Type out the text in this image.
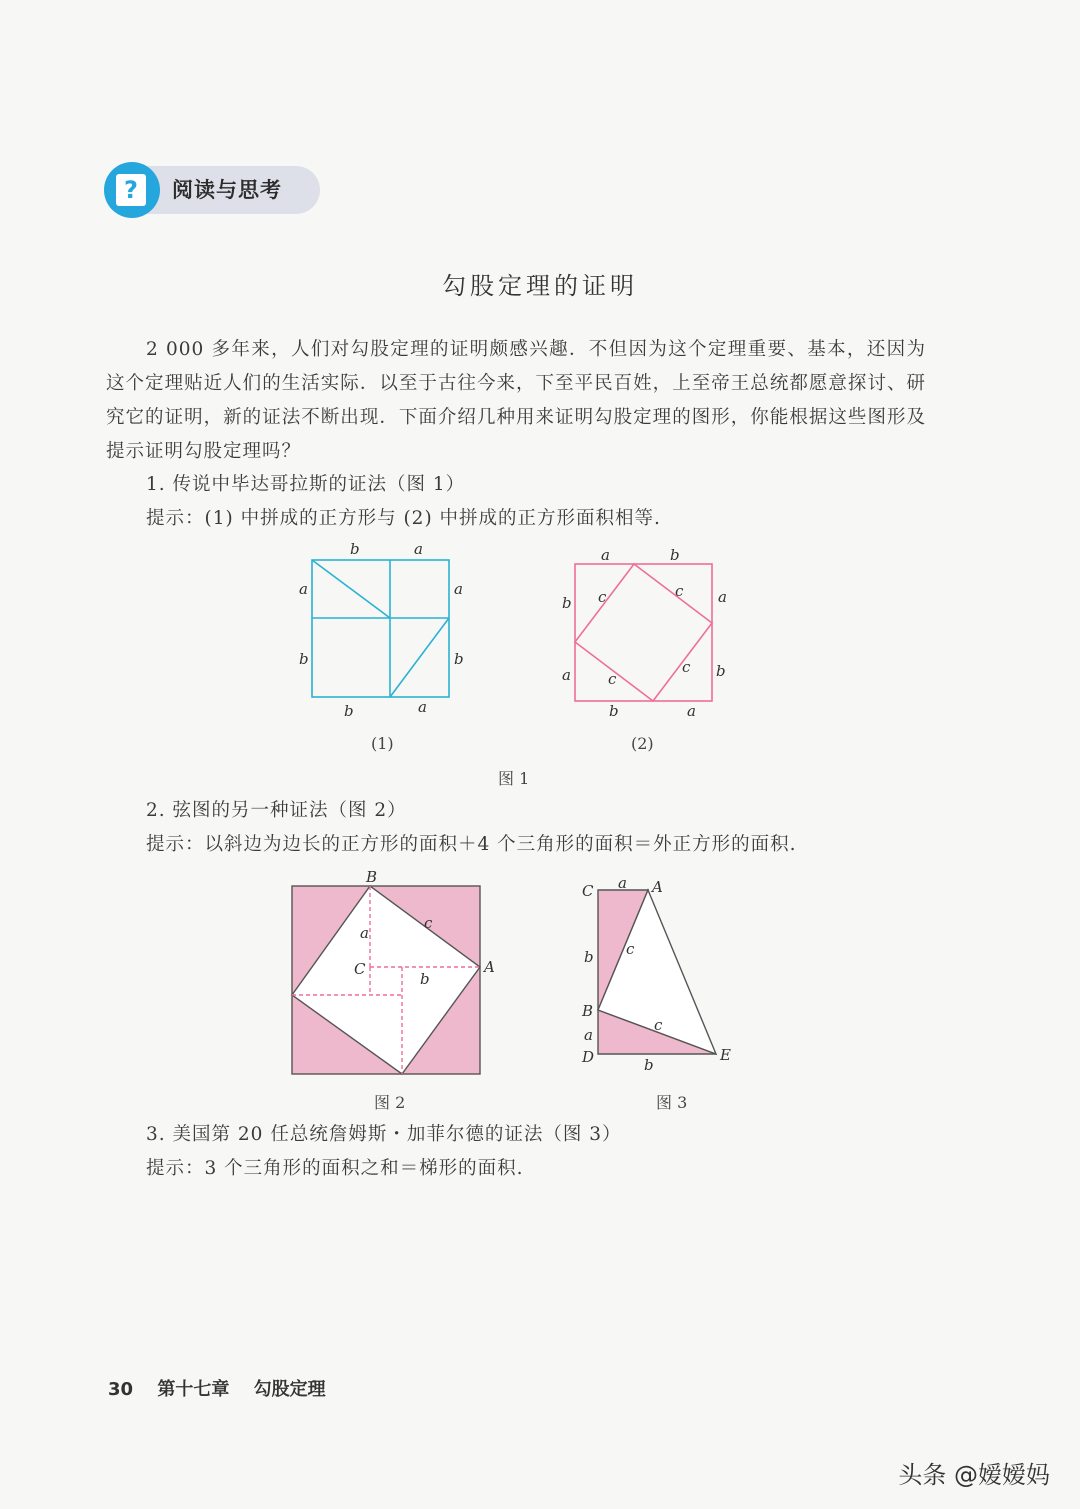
?	阅读与思考
勾股定理的证明
2 000 多年来，人们对勾股定理的证明颇感兴趣．不但因为这个定理重要、基本，还因为这个定理贴近人们的生活实际．以至于古往今来，下至平民百姓，上至帝王总统都愿意探讨、研究它的证明，新的证法不断出现．下面介绍几种用来证明勾股定理的图形，你能根据这些图形及提示证明勾股定理吗？
1. 传说中毕达哥拉斯的证法（图 1）
提示：(1) 中拼成的正方形与 (2) 中拼成的正方形面积相等.
b	a
a	a
b	b
b	a
(1)
a	b
b	a
c	c
c
c
a	b
b	a
(2)
图 1
2. 弦图的另一种证法（图 2）
提示：以斜边为边长的正方形的面积＋4 个三角形的面积＝外正方形的面积.
B
c
a
C
b
A
图 2
C a A
b c
B
a
c
D	b
E
图 3
3. 美国第 20 任总统詹姆斯・加菲尔德的证法（图 3）
提示：3 个三角形的面积之和＝梯形的面积.
30 第十七章 勾股定理
头条 @嫒嫒妈
